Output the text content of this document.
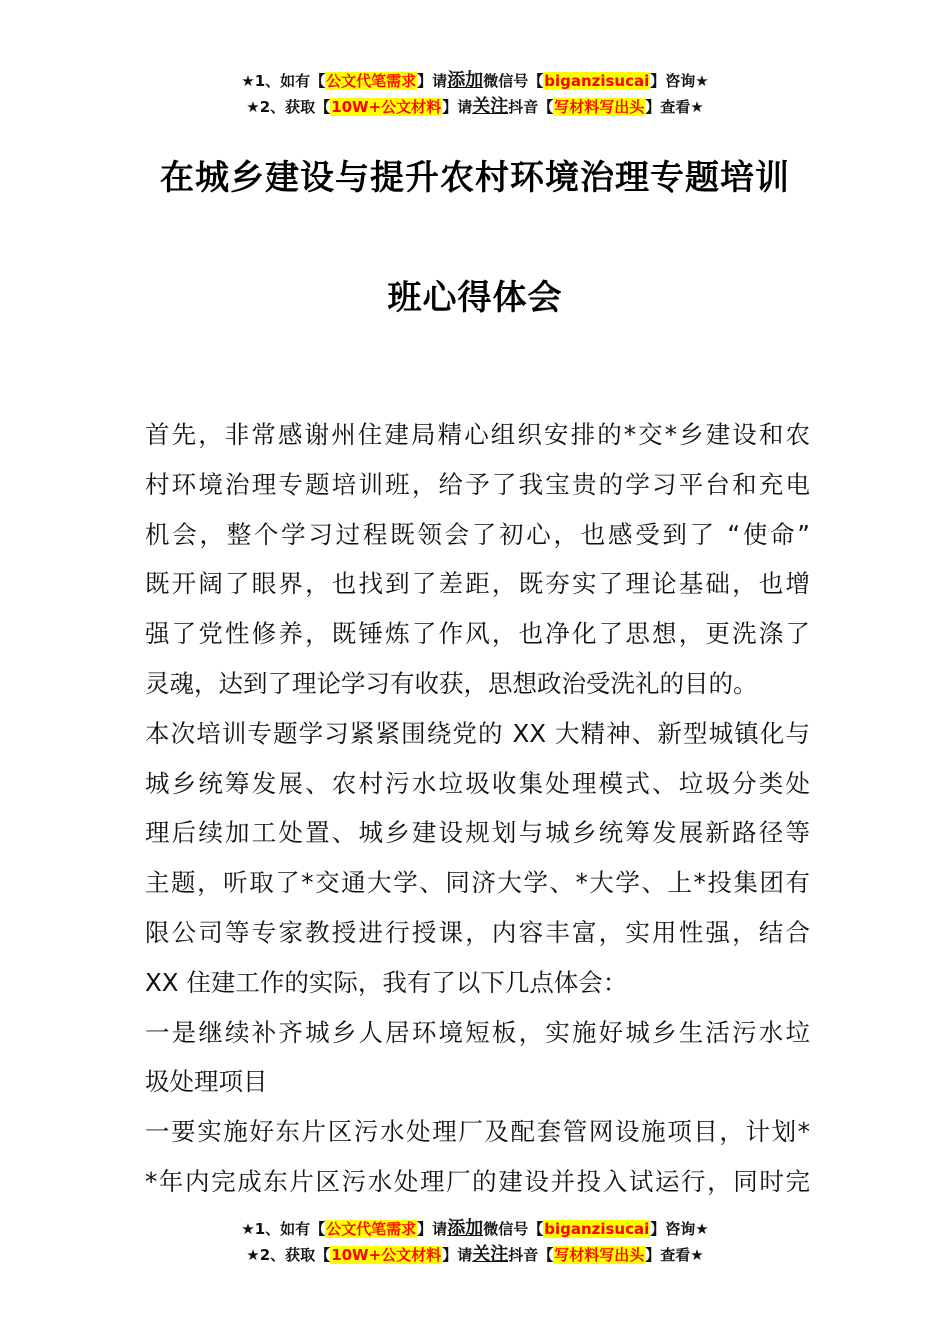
★1、如有【公文代笔需求】请添加微信号【biganzisucai】咨询★
★2、获取【10W+公文材料】请关注抖音【写材料写出头】查看★
在城乡建设与提升农村环境治理专题培训
班心得体会
首先，非常感谢州住建局精心组织安排的*交*乡建设和农
村环境治理专题培训班，给予了我宝贵的学习平台和充电
机会，整个学习过程既领会了初心，也感受到了 “使命”
既开阔了眼界，也找到了差距，既夯实了理论基础，也增
强了党性修养，既锤炼了作风，也净化了思想，更洗涤了
灵魂，达到了理论学习有收获，思想政治受洗礼的目的。
本次培训专题学习紧紧围绕党的 XX 大精神、新型城镇化与
城乡统筹发展、农村污水垃圾收集处理模式、垃圾分类处
理后续加工处置、城乡建设规划与城乡统筹发展新路径等
主题，听取了*交通大学、同济大学、*大学、上*投集团有
限公司等专家教授进行授课，内容丰富，实用性强，结合
XX 住建工作的实际，我有了以下几点体会：
一是继续补齐城乡人居环境短板，实施好城乡生活污水垃
圾处理项目
一要实施好东片区污水处理厂及配套管网设施项目，计划*
*年内完成东片区污水处理厂的建设并投入试运行，同时完
★1、如有【公文代笔需求】请添加微信号【biganzisucai】咨询★
★2、获取【10W+公文材料】请关注抖音【写材料写出头】查看★
